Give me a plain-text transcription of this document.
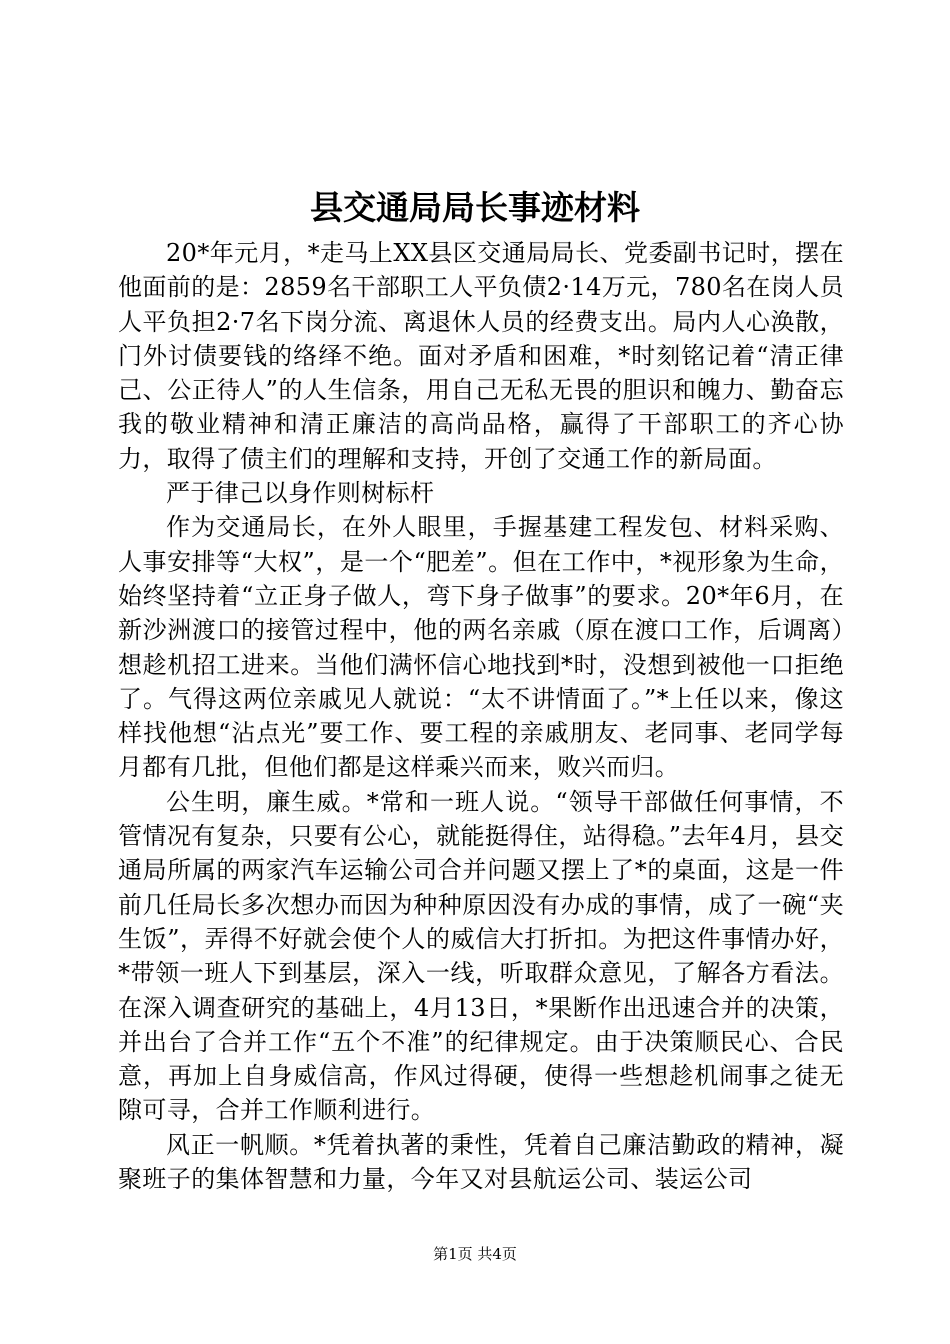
县交通局局长事迹材料

20*年元月，*走马上XX县区交通局局长、党委副书记时，摆在他面前的是：2859名干部职工人平负债2·14万元，780名在岗人员人平负担2·7名下岗分流、离退休人员的经费支出。局内人心涣散，门外讨债要钱的络绎不绝。面对矛盾和困难，*时刻铭记着“清正律己、公正待人”的人生信条，用自己无私无畏的胆识和魄力、勤奋忘我的敬业精神和清正廉洁的高尚品格，赢得了干部职工的齐心协力，取得了债主们的理解和支持，开创了交通工作的新局面。

严于律己以身作则树标杆

作为交通局长，在外人眼里，手握基建工程发包、材料采购、人事安排等“大权”，是一个“肥差”。但在工作中，*视形象为生命，始终坚持着“立正身子做人，弯下身子做事”的要求。20*年6月，在新沙洲渡口的接管过程中，他的两名亲戚（原在渡口工作，后调离）想趁机招工进来。当他们满怀信心地找到*时，没想到被他一口拒绝了。气得这两位亲戚见人就说：“太不讲情面了。”*上任以来，像这样找他想“沾点光”要工作、要工程的亲戚朋友、老同事、老同学每月都有几批，但他们都是这样乘兴而来，败兴而归。

公生明，廉生威。*常和一班人说。“领导干部做任何事情，不管情况有复杂，只要有公心，就能挺得住，站得稳。”去年4月，县交通局所属的两家汽车运输公司合并问题又摆上了*的桌面，这是一件前几任局长多次想办而因为种种原因没有办成的事情，成了一碗“夹生饭”，弄得不好就会使个人的威信大打折扣。为把这件事情办好，*带领一班人下到基层，深入一线，听取群众意见，了解各方看法。在深入调查研究的基础上，4月13日，*果断作出迅速合并的决策，并出台了合并工作“五个不准”的纪律规定。由于决策顺民心、合民意，再加上自身威信高，作风过得硬，使得一些想趁机闹事之徒无隙可寻，合并工作顺利进行。

风正一帆顺。*凭着执著的秉性，凭着自己廉洁勤政的精神，凝聚班子的集体智慧和力量，今年又对县航运公司、装运公司

第1页 共4页
